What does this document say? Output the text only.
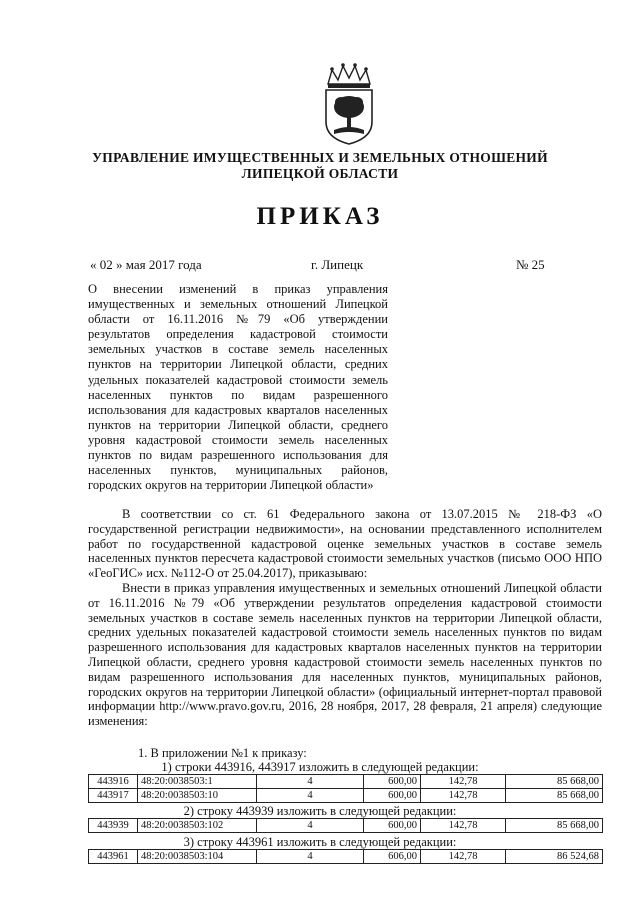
УПРАВЛЕНИЕ ИМУЩЕСТВЕННЫХ И ЗЕМЕЛЬНЫХ ОТНОШЕНИЙ
ЛИПЕЦКОЙ ОБЛАСТИ
ПРИКАЗ
« 02 » мая 2017 года	г. Липецк	№ 25
О внесении изменений в приказ управления имущественных и земельных отношений Липецкой области от 16.11.2016 №79 «Об утверждении результатов определения кадастровой стоимости земельных участков в составе земель населенных пунктов на территории Липецкой области, средних удельных показателей кадастровой стоимости земель населенных пунктов по видам разрешенного использования для кадастровых кварталов населенных пунктов на территории Липецкой области, среднего уровня кадастровой стоимости земель населенных пунктов по видам разрешенного использования для населенных пунктов, муниципальных районов, городских округов на территории Липецкой области»

В соответствии со ст. 61 Федерального закона от 13.07.2015 № 218-ФЗ «О государственной регистрации недвижимости», на основании представленного исполнителем работ по государственной кадастровой оценке земельных участков в составе земель населенных пунктов пересчета кадастровой стоимости земельных участков (письмо ООО НПО «ГеоГИС» исх. №112-О от 25.04.2017), приказываю:

Внести в приказ управления имущественных и земельных отношений Липецкой области от 16.11.2016 №79 «Об утверждении результатов определения кадастровой стоимости земельных участков в составе земель населенных пунктов на территории Липецкой области, средних удельных показателей кадастровой стоимости земель населенных пунктов по видам разрешенного использования для кадастровых кварталов населенных пунктов на территории Липецкой области, среднего уровня кадастровой стоимости земель населенных пунктов по видам разрешенного использования для населенных пунктов, муниципальных районов, городских округов на территории Липецкой области» (официальный интернет-портал правовой информации http://www.pravo.gov.ru, 2016, 28 ноября, 2017, 28 февраля, 21 апреля) следующие изменения:

1. В приложении №1 к приказу:
1) строки 443916, 443917 изложить в следующей редакции:
443916	48:20:0038503:1	4	600,00	142,78	85 668,00
443917	48:20:0038503:10	4	600,00	142,78	85 668,00
2) строку 443939 изложить в следующей редакции:
443939	48:20:0038503:102	4	600,00	142,78	85 668,00
3) строку 443961 изложить в следующей редакции:
443961	48:20:0038503:104	4	606,00	142,78	86 524,68
